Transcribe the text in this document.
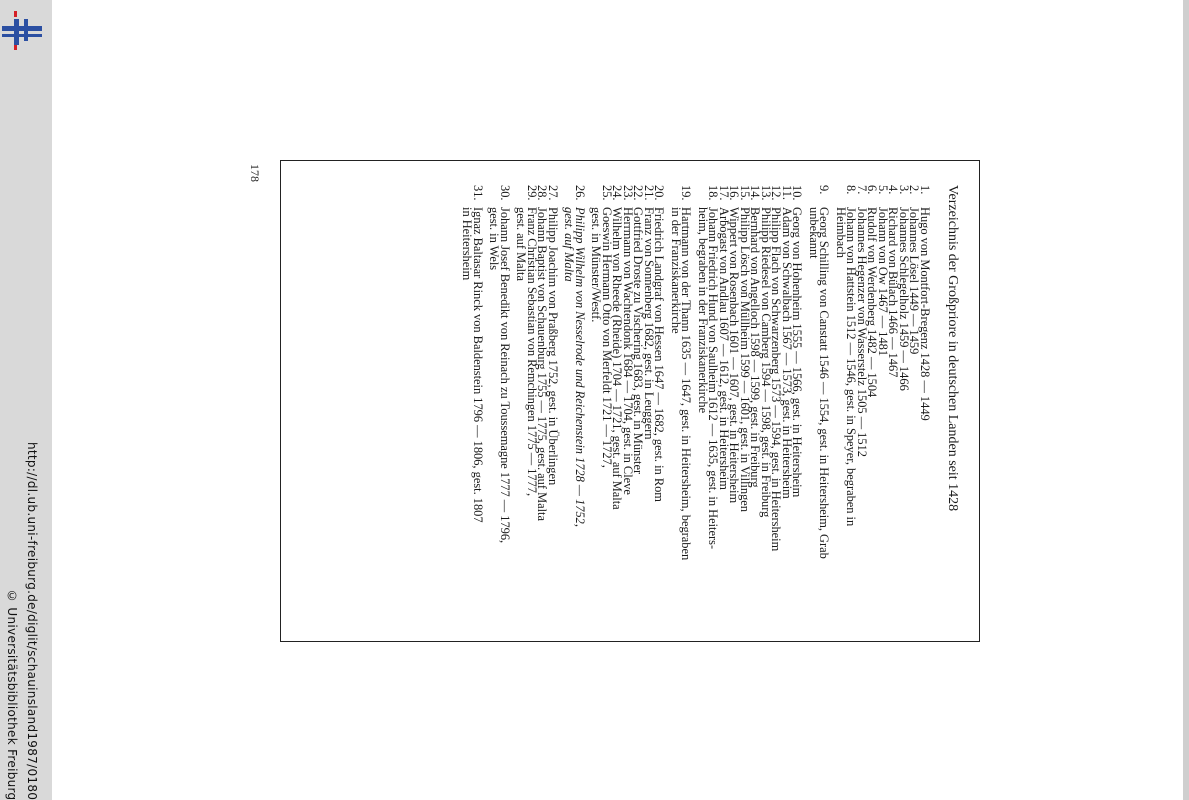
© Universitätsbibliothek Freiburg http://dl.ub.uni-freiburg.de/diglit/schauinsland1987/0180
178
Verzeichnis der Großpriore in deutschen Landen seit 1428
1.
Hugo von Montfort-Bregenz 1428 — 1449
2.
Johannes Lösel 1449 — 1459
3.
Johannes Schlegelholz 1459 — 1466
4.
Richard von Bülach 1466 — 1467
5.
Johann von Ow 1467 — 1481
6.
Rudolf von Werdenberg 1482 — 1504
7.
Johannes Hegenzer von Wasserstelz 1505 — 1512
8.
Johann von Hattstein 1512 — 1546, gest. in Speyer, begraben in
Heimbach
9.
Georg Schilling von Canstatt 1546 — 1554, gest. in Heitersheim, Grab
unbekannt
10.
Georg von Hohenheim 1555 — 1566, gest. in Heitersheim
11.
Adam von Schwalbach 1567 — 1573, gest. in Heitersheim
12.
Philipp Flach von Schwarzenberg 1573 — 1594, gest. in Heitersheim
13.
Philipp Riedesel von Camberg 1594 — 1598, gest. in Freiburg
14.
Bernhard von Angelloch 1598 — 1599, gest. in Freiburg
15.
Philipp Lösch von Müllheim 1599 — 1601, gest. in Villingen
16.
Wippert von Rosenbach 1601 — 1607, gest. in Heitersheim
17.
Arbogast von Andlau 1607 — 1612, gest. in Heitersheim
18.
Johann Friedrich Hund von Saulheim 1612 — 1635, gest. in Heiters-
heim, begraben in der Franziskanerkirche
19.
Hartmann von der Thann 1635 — 1647, gest. in Heitersheim, begraben
in der Franziskanerkirche
20.
Friedrich Landgraf von Hessen 1647 — 1682, gest. in Rom
21.
Franz von Sonnenberg 1682, gest. in Leuggern
22.
Gottfried Droste zu Vischering 1683, gest. in Münster
23.
Herrmann von Wachtendonk 1684 — 1704, gest. in Cleve
24.
Wilhelm von Rheede (Rheide) 1704 — 1721, gest. auf Malta
25.
Goeswin Hermann Otto von Merfeldt 1721 — 1727,
gest. in Münster/Westf.
26.
Philipp Wilhelm von Nesselrode und Reichenstein 1728 — 1752,
gest. auf Malta
27.
Philipp Joachim von Praßberg 1752, gest. in Überlingen
28.
Johann Baptist von Schauenburg 1755 — 1775, gest. auf Malta
29.
Franz Christian Sebastian von Remchingen 1775 — 1777,
gest. auf Malta
30.
Johann Josef Benedikt von Reinach zu Toussemagne 1777 — 1796,
gest. in Wels
31.
Ignaz Baltasar Rinck von Baldenstein 1796 — 1806, gest. 1807
in Heitersheim
